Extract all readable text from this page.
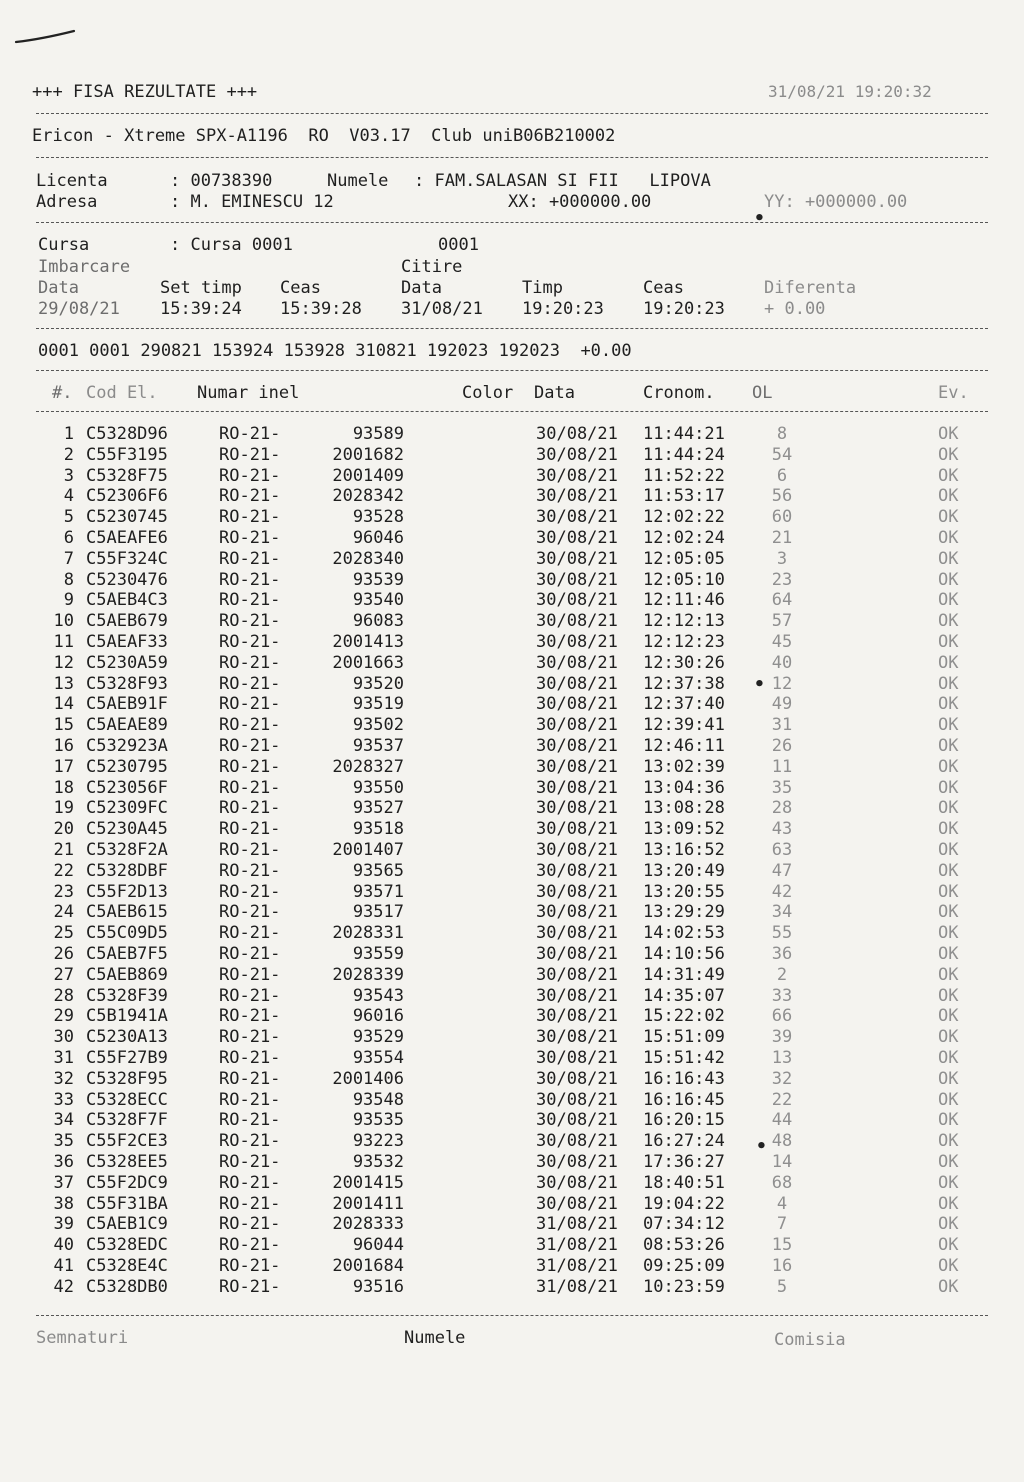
+++ FISA REZULTATE +++	31/08/21 19:20:32
Ericon - Xtreme SPX-A1196  RO  V03.17  Club uniB06B210002
Licenta	: 00738390	Numele : FAM.SALASAN SI FII   LIPOVA
Adresa	: M. EMINESCU 12	XX: +000000.00	YY: +000000.00
•
Cursa	: Cursa 0001	0001
Imbarcare	Citire
Data	Set timp Ceas	Data	Timp	Ceas	Diferenta
29/08/21 15:39:24 15:39:28 31/08/21 19:20:23 19:20:23 + 0.00
0001 0001 290821 153924 153928 310821 192023 192023  +0.00
#. Cod El. Numar inel	Color Data	Cronom. OL	Ev.
1 C5328D96	RO-21-	93589	30/08/21 11:44:21	8	OK
2 C55F3195	RO-21-	2001682	30/08/21 11:44:24	54	OK
3 C5328F75	RO-21-	2001409	30/08/21 11:52:22	6	OK
4 C52306F6	RO-21-	2028342	30/08/21 11:53:17	56	OK
5 C5230745	RO-21-	93528	30/08/21 12:02:22	60	OK
6 C5AEAFE6	RO-21-	96046	30/08/21 12:02:24	21	OK
7 C55F324C	RO-21-	2028340	30/08/21 12:05:05	3	OK
8 C5230476	RO-21-	93539	30/08/21 12:05:10	23	OK
9 C5AEB4C3	RO-21-	93540	30/08/21 12:11:46	64	OK
10 C5AEB679	RO-21-	96083	30/08/21 12:12:13	57	OK
11 C5AEAF33	RO-21-	2001413	30/08/21 12:12:23	45	OK
12 C5230A59	RO-21-	2001663	30/08/21 12:30:26	40	OK
13 C5328F93	RO-21-	93520	30/08/21 12:37:38	12	OK
14 C5AEB91F	RO-21-	93519	30/08/21 12:37:40	49	OK
15 C5AEAE89	RO-21-	93502	30/08/21 12:39:41	31	OK
16 C532923A	RO-21-	93537	30/08/21 12:46:11	26	OK
17 C5230795	RO-21-	2028327	30/08/21 13:02:39	11	OK
18 C523056F	RO-21-	93550	30/08/21 13:04:36	35	OK
19 C52309FC	RO-21-	93527	30/08/21 13:08:28	28	OK
20 C5230A45	RO-21-	93518	30/08/21 13:09:52	43	OK
21 C5328F2A	RO-21-	2001407	30/08/21 13:16:52	63	OK
22 C5328DBF	RO-21-	93565	30/08/21 13:20:49	47	OK
23 C55F2D13	RO-21-	93571	30/08/21 13:20:55	42	OK
24 C5AEB615	RO-21-	93517	30/08/21 13:29:29	34	OK
25 C55C09D5	RO-21-	2028331	30/08/21 14:02:53	55	OK
26 C5AEB7F5	RO-21-	93559	30/08/21 14:10:56	36	OK
27 C5AEB869	RO-21-	2028339	30/08/21 14:31:49	2	OK
28 C5328F39	RO-21-	93543	30/08/21 14:35:07	33	OK
29 C5B1941A	RO-21-	96016	30/08/21 15:22:02	66	OK
30 C5230A13	RO-21-	93529	30/08/21 15:51:09	39	OK
31 C55F27B9	RO-21-	93554	30/08/21 15:51:42	13	OK
32 C5328F95	RO-21-	2001406	30/08/21 16:16:43	32	OK
33 C5328ECC	RO-21-	93548	30/08/21 16:16:45	22	OK
34 C5328F7F	RO-21-	93535	30/08/21 16:20:15	44	OK
35 C55F2CE3	RO-21-	93223	30/08/21 16:27:24	48	OK
36 C5328EE5	RO-21-	93532	30/08/21 17:36:27	14	OK
37 C55F2DC9	RO-21-	2001415	30/08/21 18:40:51	68	OK
38 C55F31BA	RO-21-	2001411	30/08/21 19:04:22	4	OK
39 C5AEB1C9	RO-21-	2028333	31/08/21 07:34:12	7	OK
40 C5328EDC	RO-21-	96044	31/08/21 08:53:26	15	OK
41 C5328E4C	RO-21-	2001684	31/08/21 09:25:09	16	OK
42 C5328DB0	RO-21-	93516	31/08/21 10:23:59	5	OK
•
•
Semnaturi	Numele	Comisia
